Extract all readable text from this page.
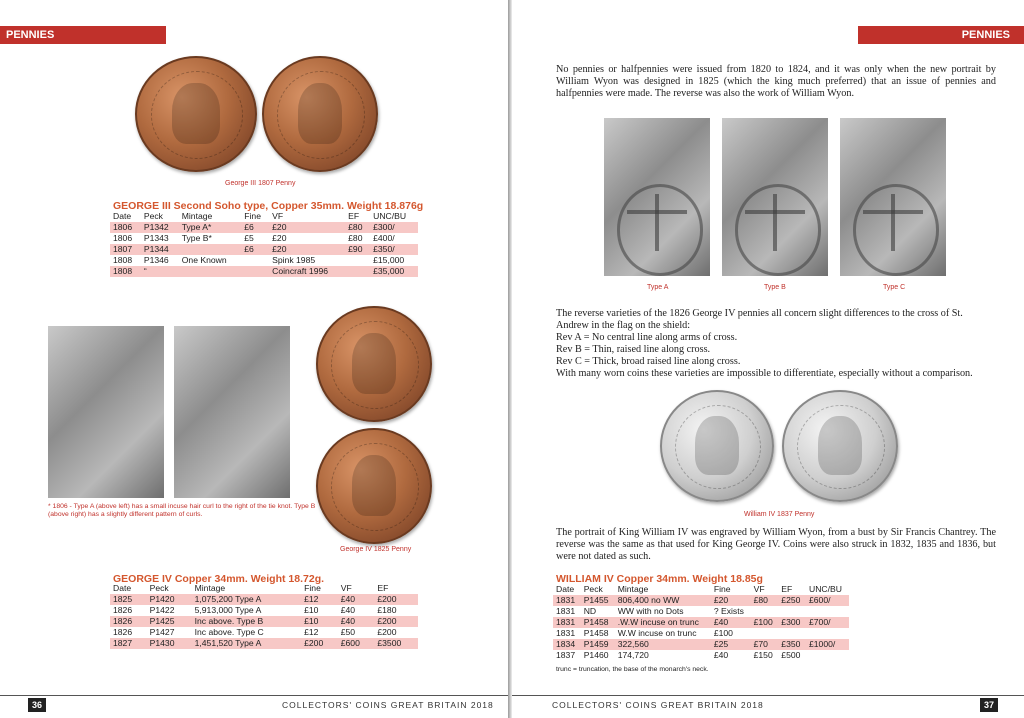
PENNIES
George III 1807 Penny
GEORGE III Second Soho type, Copper 35mm. Weight 18.876g
Date	Peck	Mintage	Fine	VF	EF	UNC/BU
1806	P1342	Type A*	£6	£20	£80	£300/
1806	P1343	Type B*	£5	£20	£80	£400/
1807	P1344		£6	£20	£90	£350/
1808	P1346	One Known		Spink 1985		£15,000
1808	“			Coincraft 1996		£35,000
* 1806 - Type A (above left) has a small incuse hair curl to the right of the tie knot. Type B (above right) has a slightly different pattern of curls.
George IV 1825 Penny
GEORGE IV Copper 34mm. Weight 18.72g.
Date	Peck	Mintage	Fine	VF	EF
1825	P1420	1,075,200 Type A	£12	£40	£200
1826	P1422	5,913,000 Type A	£10	£40	£180
1826	P1425	Inc above. Type B	£10	£40	£200
1826	P1427	Inc above. Type C	£12	£50	£200
1827	P1430	1,451,520 Type A	£200	£600	£3500
36	COLLECTORS' COINS GREAT BRITAIN 2018
PENNIES
No pennies or halfpennies were issued from 1820 to 1824, and it was only when the new portrait by William Wyon was designed in 1825 (which the king much preferred) that an issue of pennies and halfpennies were made. The reverse was also the work of William Wyon.
Type A	Type B	Type C
The reverse varieties of the 1826 George IV pennies all concern slight differences to the cross of St. Andrew in the flag on the shield:
Rev A = No central line along arms of cross.
Rev B = Thin, raised line along cross.
Rev C = Thick, broad raised line along cross.
With many worn coins these varieties are impossible to differentiate, especially without a comparison.
William IV 1837 Penny
The portrait of King William IV was engraved by William Wyon, from a bust by Sir Francis Chantrey. The reverse was the same as that used for King George IV. Coins were also struck in 1832, 1835 and 1836, but were not dated as such.
WILLIAM IV Copper 34mm. Weight 18.85g
Date	Peck	Mintage	Fine	VF	EF	UNC/BU
1831	P1455	806,400 no WW	£20	£80	£250	£600/
1831	ND	WW with no Dots	? Exists			
1831	P1458	.W.W incuse on trunc	£40	£100	£300	£700/
1831	P1458	W.W incuse on trunc	£100			
1834	P1459	322,560	£25	£70	£350	£1000/
1837	P1460	174,720	£40	£150	£500	
trunc = truncation, the base of the monarch's neck.
COLLECTORS' COINS GREAT BRITAIN 2018	37
